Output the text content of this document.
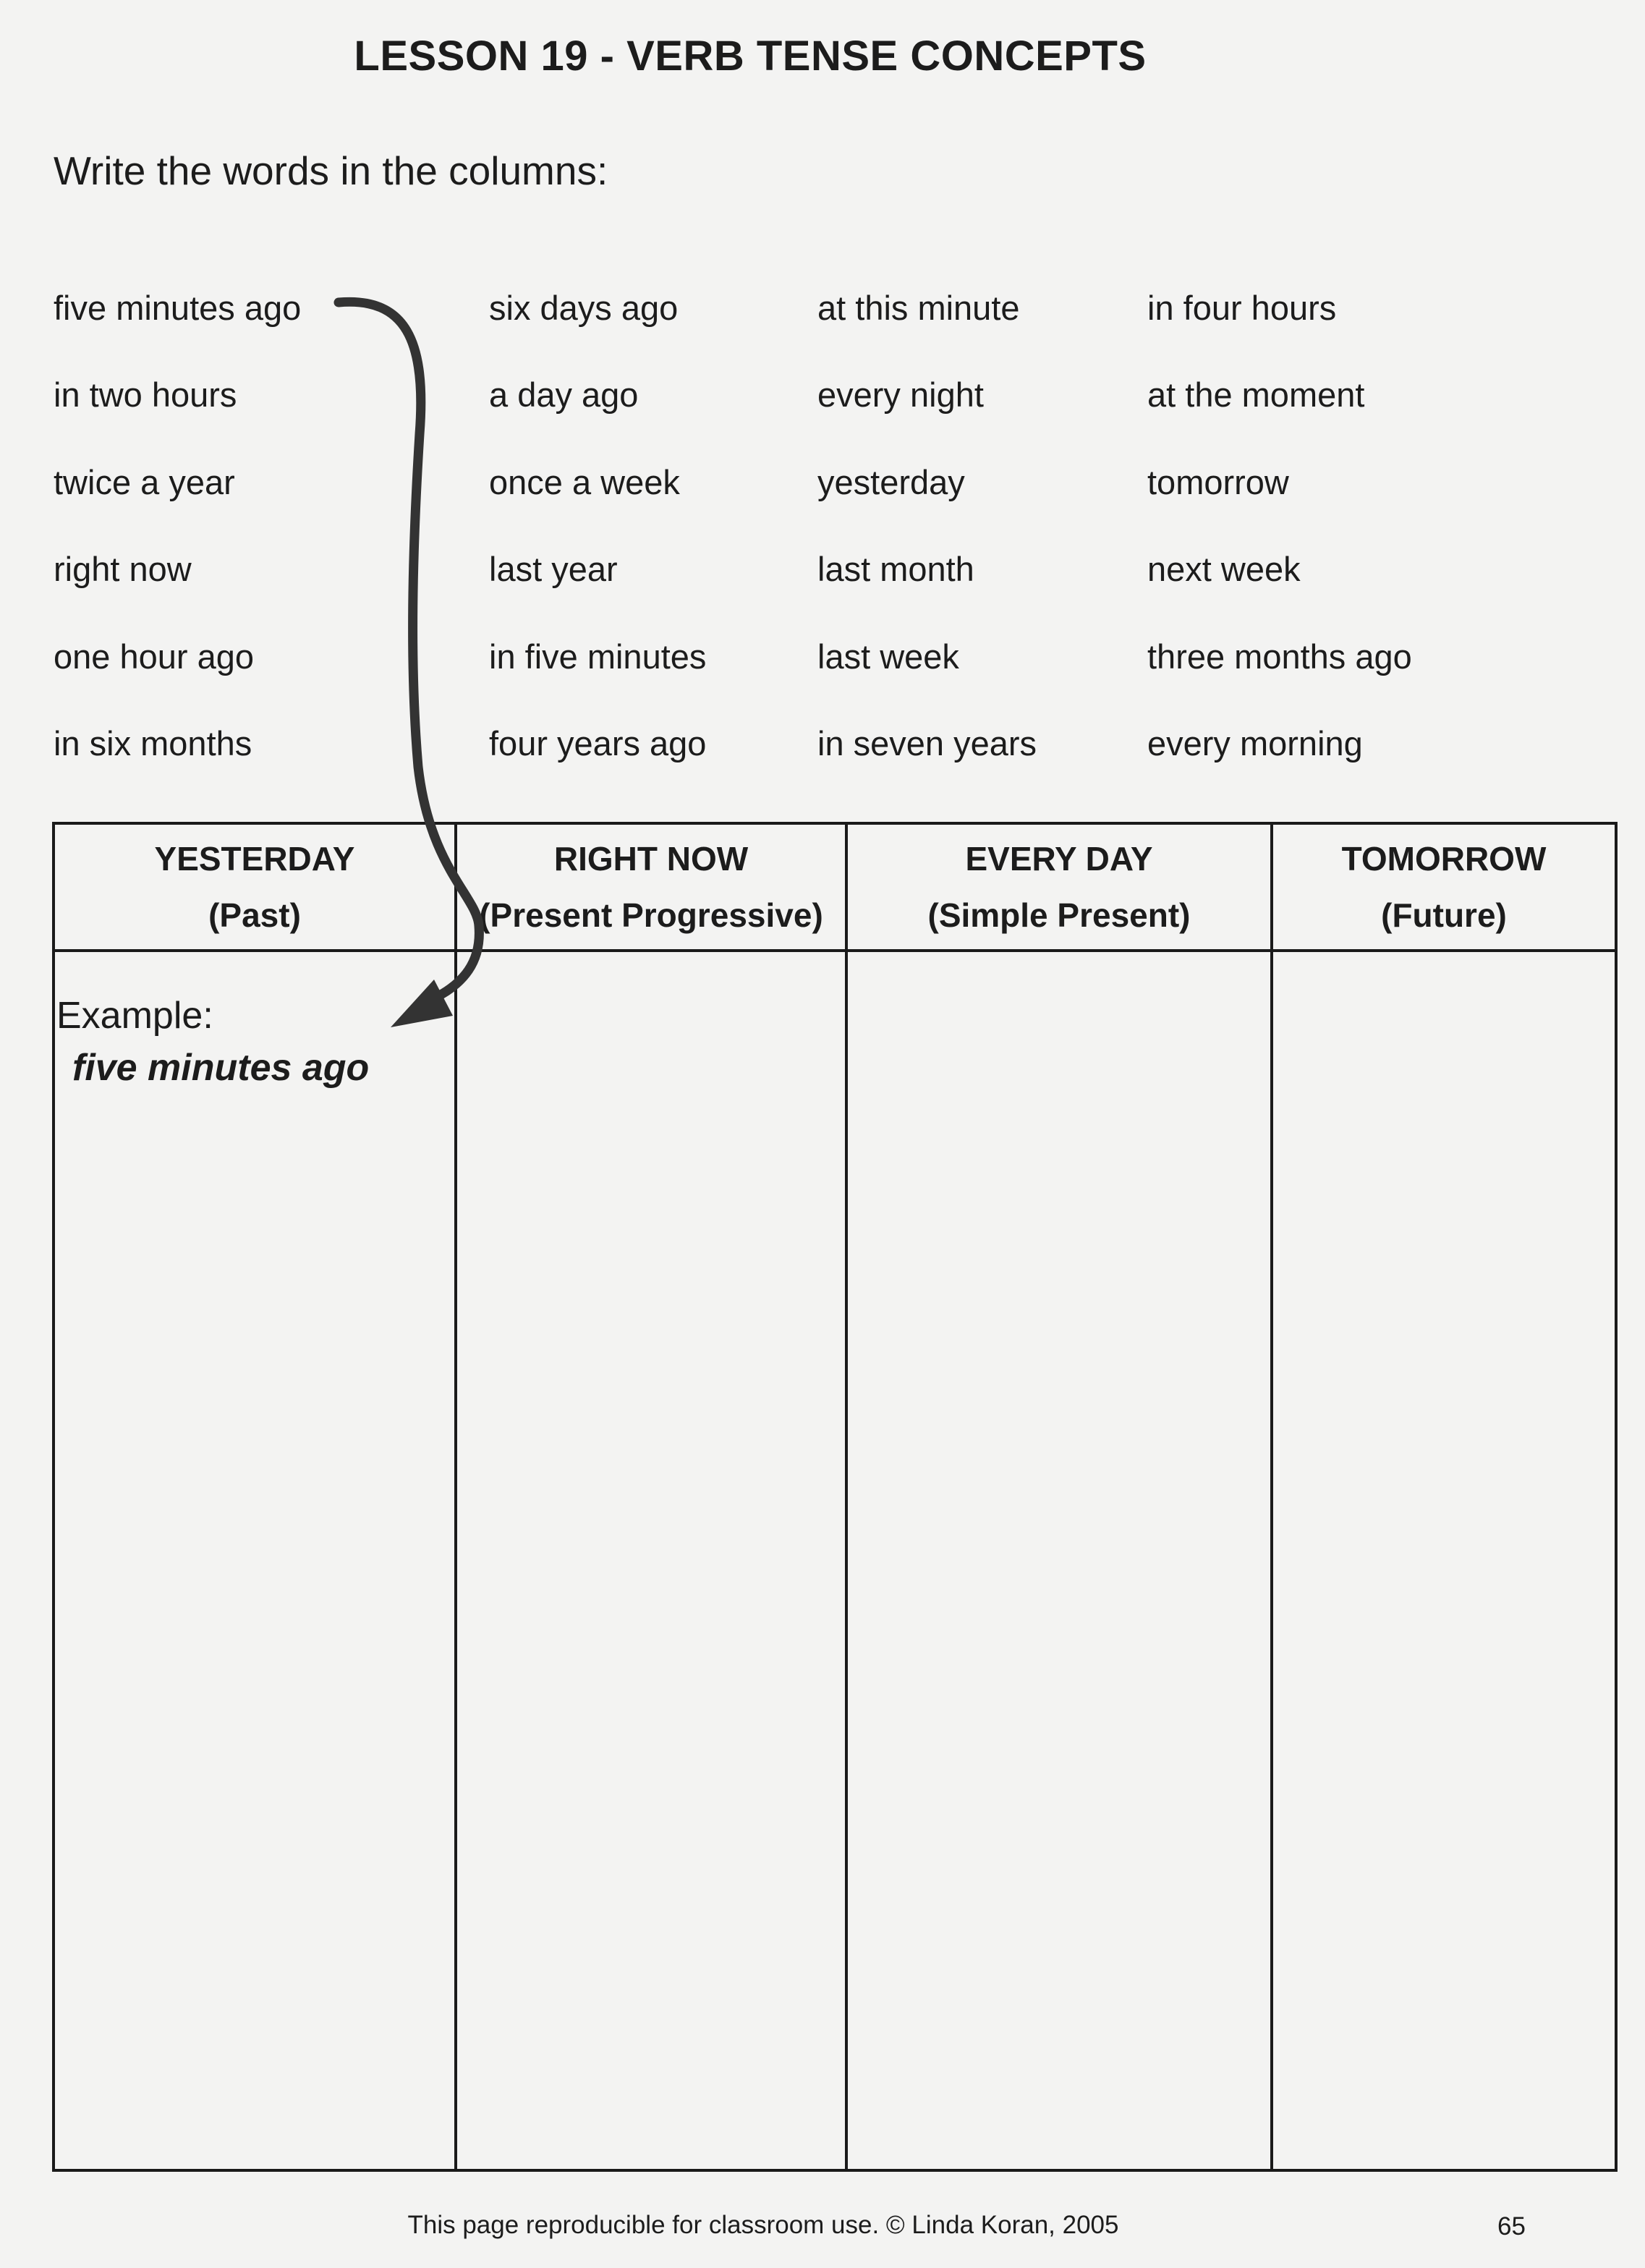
LESSON 19 - VERB TENSE CONCEPTS
Write the words in the columns:
five minutes ago
in two hours
twice a year
right now
one hour ago
in six months
six days ago
a day ago
once a week
last year
in five minutes
four years ago
at this minute
every night
yesterday
last month
last week
in seven years
in four hours
at the moment
tomorrow
next week
three months ago
every morning
YESTERDAY
(Past)
RIGHT NOW
(Present Progressive)
EVERY DAY
(Simple Present)
TOMORROW
(Future)
Example:
five minutes ago
This page reproducible for classroom use. © Linda Koran, 2005	65
